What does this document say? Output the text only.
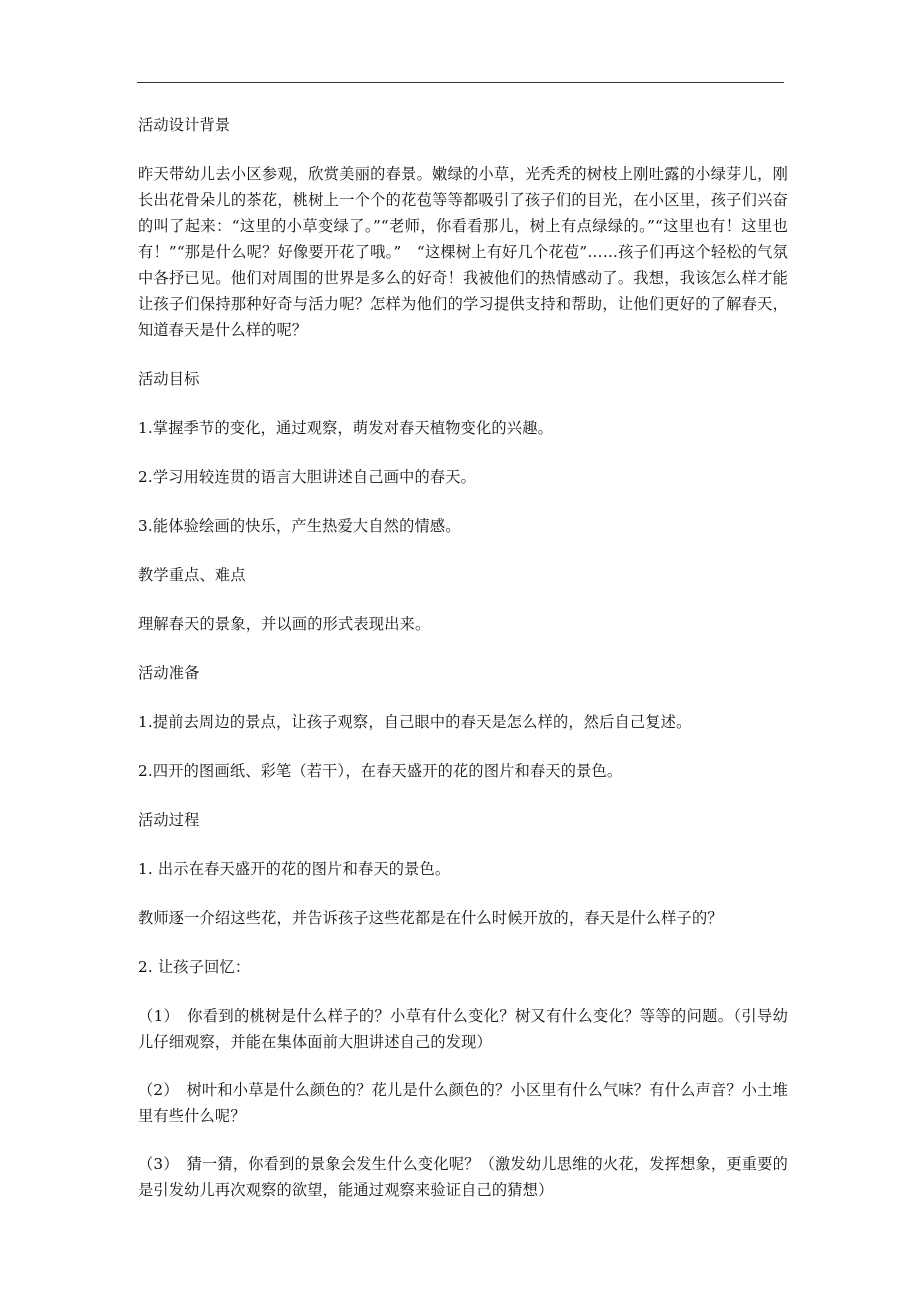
活动设计背景

昨天带幼儿去小区参观，欣赏美丽的春景。嫩绿的小草，光秃秃的树枝上刚吐露的小绿芽儿，刚长出花骨朵儿的茶花，桃树上一个个的花苞等等都吸引了孩子们的目光，在小区里，孩子们兴奋的叫了起来：“这里的小草变绿了。”“老师，你看看那儿，树上有点绿绿的。”“这里也有！这里也有！”“那是什么呢？好像要开花了哦。”　“这棵树上有好几个花苞”……孩子们再这个轻松的气氛中各抒已见。他们对周围的世界是多么的好奇！我被他们的热情感动了。我想，我该怎么样才能让孩子们保持那种好奇与活力呢？怎样为他们的学习提供支持和帮助，让他们更好的了解春天，知道春天是什么样的呢？

活动目标

1.掌握季节的变化，通过观察，萌发对春天植物变化的兴趣。

2.学习用较连贯的语言大胆讲述自己画中的春天。

3.能体验绘画的快乐，产生热爱大自然的情感。

教学重点、难点

理解春天的景象，并以画的形式表现出来。

活动准备

1.提前去周边的景点，让孩子观察，自己眼中的春天是怎么样的，然后自己复述。

2.四开的图画纸、彩笔（若干），在春天盛开的花的图片和春天的景色。

活动过程

1. 出示在春天盛开的花的图片和春天的景色。

教师逐一介绍这些花，并告诉孩子这些花都是在什么时候开放的，春天是什么样子的？

2. 让孩子回忆：

（1）　你看到的桃树是什么样子的？小草有什么变化？树又有什么变化？等等的问题。（引导幼儿仔细观察，并能在集体面前大胆讲述自己的发现）

（2）　树叶和小草是什么颜色的？花儿是什么颜色的？小区里有什么气味？有什么声音？小土堆里有些什么呢？

（3）　猜一猜，你看到的景象会发生什么变化呢？（激发幼儿思维的火花，发挥想象，更重要的是引发幼儿再次观察的欲望，能通过观察来验证自己的猜想）
